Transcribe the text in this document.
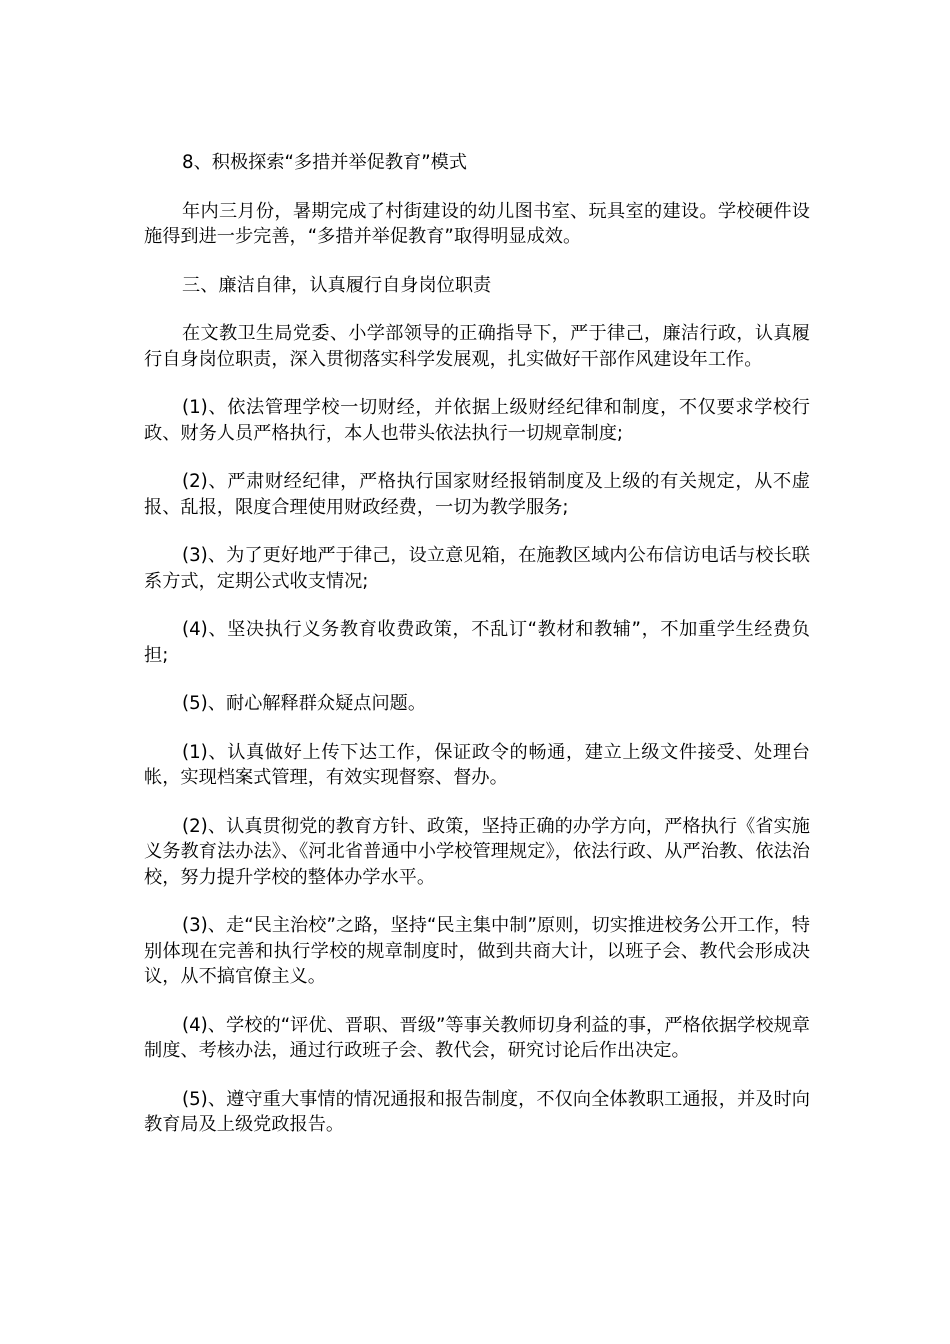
8、积极探索“多措并举促教育”模式

年内三月份，暑期完成了村街建设的幼儿图书室、玩具室的建设。学校硬件设施得到进一步完善，“多措并举促教育”取得明显成效。

三、廉洁自律，认真履行自身岗位职责

在文教卫生局党委、小学部领导的正确指导下，严于律己，廉洁行政，认真履行自身岗位职责，深入贯彻落实科学发展观，扎实做好干部作风建设年工作。

(1)、依法管理学校一切财经，并依据上级财经纪律和制度，不仅要求学校行政、财务人员严格执行，本人也带头依法执行一切规章制度;

(2)、严肃财经纪律，严格执行国家财经报销制度及上级的有关规定，从不虚报、乱报，限度合理使用财政经费，一切为教学服务;

(3)、为了更好地严于律己，设立意见箱，在施教区域内公布信访电话与校长联系方式，定期公式收支情况;

(4)、坚决执行义务教育收费政策，不乱订“教材和教辅”，不加重学生经费负担;

(5)、耐心解释群众疑点问题。

(1)、认真做好上传下达工作，保证政令的畅通，建立上级文件接受、处理台帐，实现档案式管理，有效实现督察、督办。

(2)、认真贯彻党的教育方针、政策，坚持正确的办学方向，严格执行《省实施义务教育法办法》、《河北省普通中小学校管理规定》，依法行政、从严治教、依法治校，努力提升学校的整体办学水平。

(3)、走“民主治校”之路，坚持“民主集中制”原则，切实推进校务公开工作，特别体现在完善和执行学校的规章制度时，做到共商大计，以班子会、教代会形成决议，从不搞官僚主义。

(4)、学校的“评优、晋职、晋级”等事关教师切身利益的事，严格依据学校规章制度、考核办法，通过行政班子会、教代会，研究讨论后作出决定。

(5)、遵守重大事情的情况通报和报告制度，不仅向全体教职工通报，并及时向教育局及上级党政报告。
